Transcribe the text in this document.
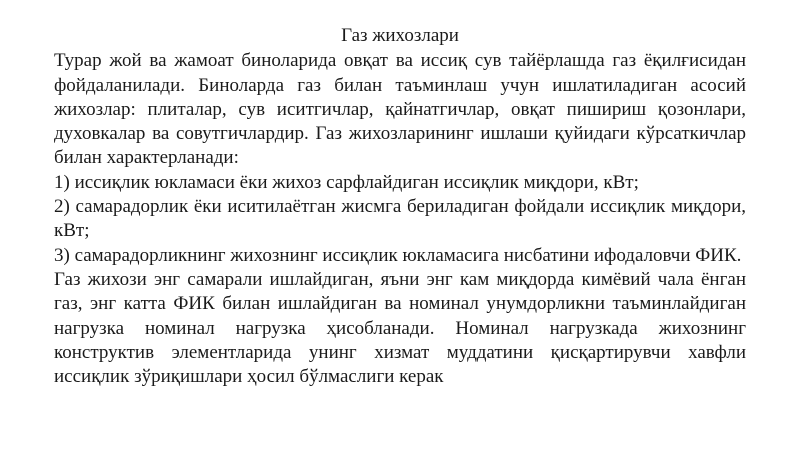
Газ жихозлари

Турар жой ва жамоат биноларида овқат ва иссиқ сув тайёрлашда газ ёқилғисидан фойдаланилади. Биноларда газ билан таъминлаш учун ишлатиладиган асосий жихозлар: плиталар, сув иситгичлар, қайнатгичлар, овқат пишириш қозонлари, духовкалар ва совутгичлардир. Газ жихозларининг ишлаши қуйидаги кўрсаткичлар билан характерланади:

1) иссиқлик юкламаси ёки жихоз сарфлайдиган иссиқлик миқдори, кВт;

2) самарадорлик ёки иситилаётган жисмга бериладиган фойдали иссиқлик миқдори, кВт;

3) самарадорликнинг жихознинг иссиқлик юкламасига нисбатини ифодаловчи ФИК.

Газ жихози энг самарали ишлайдиган, яъни энг кам миқдорда кимёвий чала ёнган газ, энг катта ФИК билан ишлайдиган ва номинал унумдорликни таъминлайдиган нагрузка номинал нагрузка ҳисобланади. Номинал нагрузкада жихознинг конструктив элементларида унинг хизмат муддатини қисқартирувчи хавфли иссиқлик зўриқишлари ҳосил бўлмаслиги керак
